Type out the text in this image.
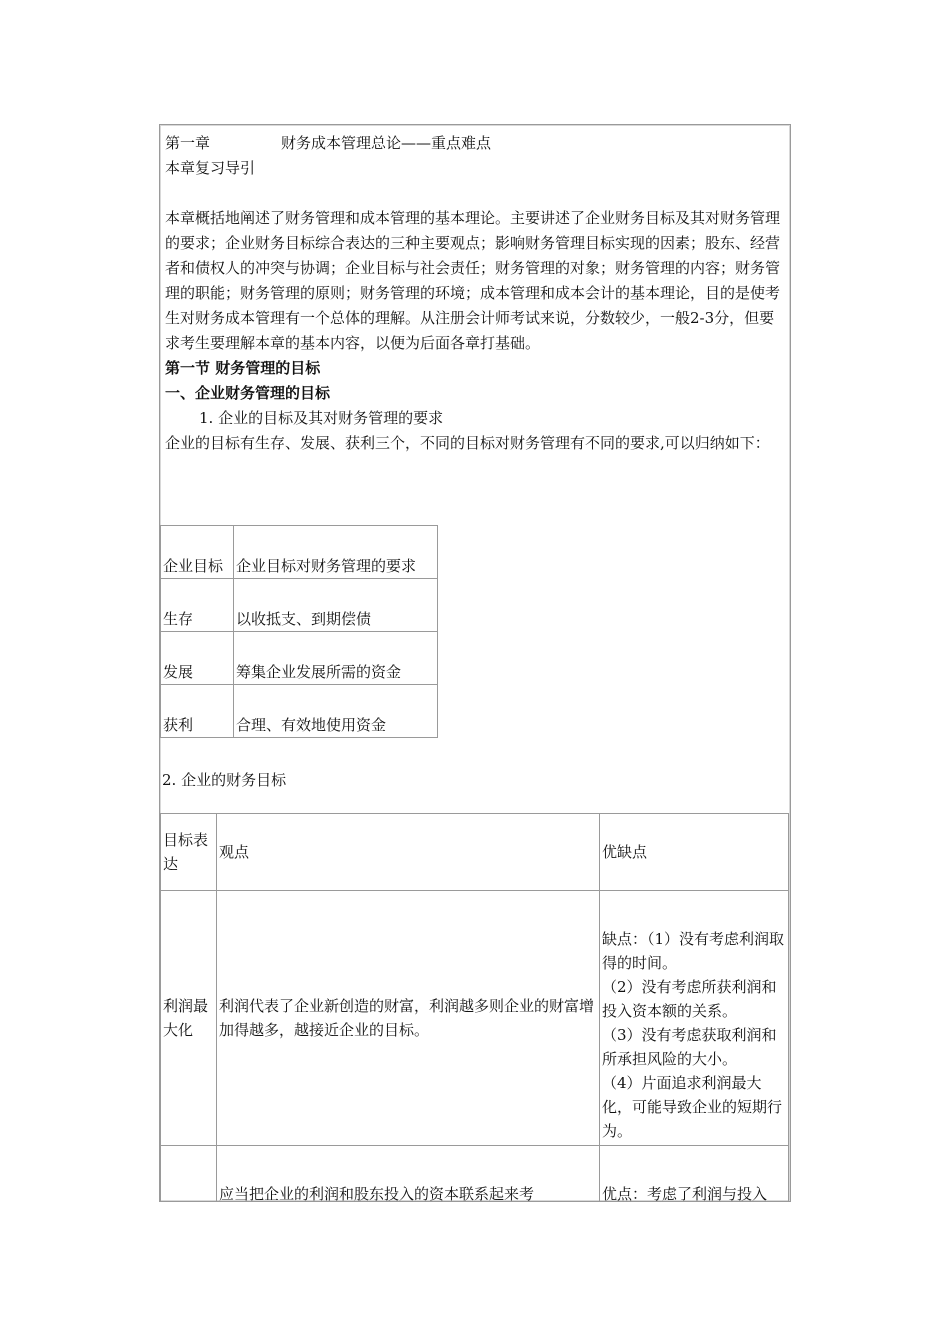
第一章	财务成本管理总论——重点难点
本章复习导引
本章概括地阐述了财务管理和成本管理的基本理论。主要讲述了企业财务目标及其对财务管理的要求；企业财务目标综合表达的三种主要观点；影响财务管理目标实现的因素；股东、经营者和债权人的冲突与协调；企业目标与社会责任；财务管理的对象；财务管理的内容；财务管理的职能；财务管理的原则；财务管理的环境；成本管理和成本会计的基本理论，目的是使考生对财务成本管理有一个总体的理解。从注册会计师考试来说，分数较少，一般2-3分，但要求考生要理解本章的基本内容，以便为后面各章打基础。
第一节 财务管理的目标
一、企业财务管理的目标
1. 企业的目标及其对财务管理的要求
企业的目标有生存、发展、获利三个，不同的目标对财务管理有不同的要求,可以归纳如下：
企业目标	企业目标对财务管理的要求
生存	以收抵支、到期偿债
发展	筹集企业发展所需的资金
获利	合理、有效地使用资金
2. 企业的财务目标
目标表达	观点	优缺点
利润最大化	利润代表了企业新创造的财富，利润越多则企业的财富增加得越多，越接近企业的目标。	缺点：（1）没有考虑利润取得的时间。
（2）没有考虑所获利润和投入资本额的关系。
（3）没有考虑获取利润和所承担风险的大小。
（4）片面追求利润最大化，可能导致企业的短期行为。

	应当把企业的利润和股东投入的资本联系起来考	优点：考虑了利润与投入
